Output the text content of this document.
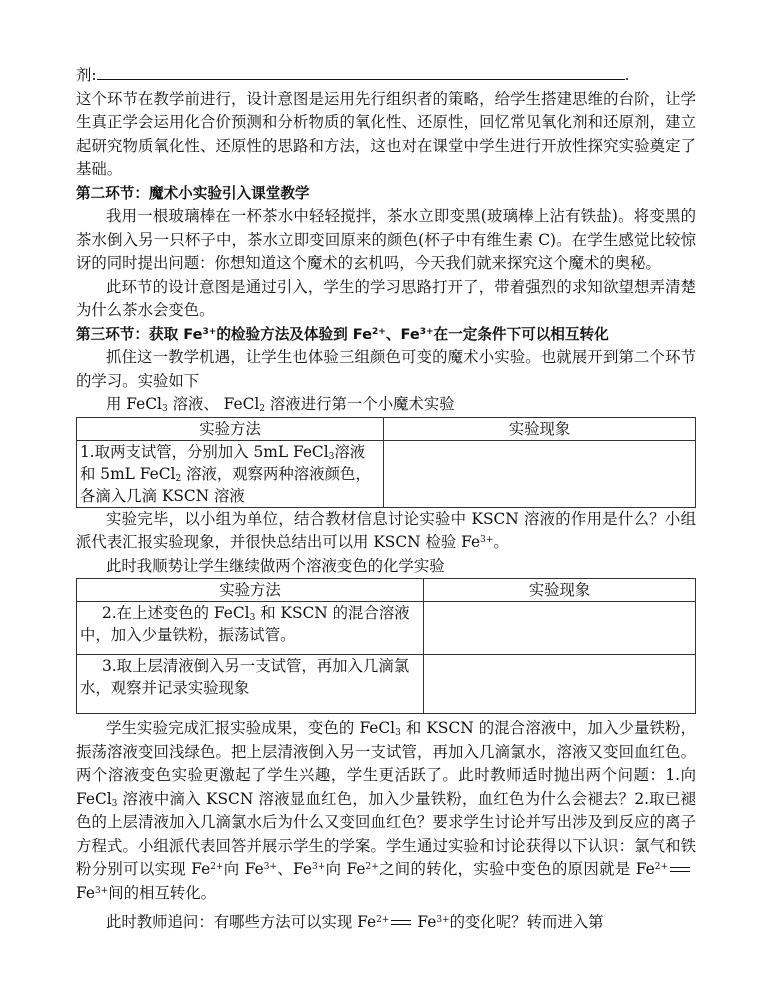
剂:	.

这个环节在教学前进行，设计意图是运用先行组织者的策略，给学生搭建思维的台阶，让学生真正学会运用化合价预测和分析物质的氧化性、还原性，回忆常见氧化剂和还原剂，建立起研究物质氧化性、还原性的思路和方法，这也对在课堂中学生进行开放性探究实验奠定了基础。

第二环节：魔术小实验引入课堂教学

我用一根玻璃棒在一杯茶水中轻轻搅拌，茶水立即变黑(玻璃棒上沾有铁盐)。将变黑的茶水倒入另一只杯子中，茶水立即变回原来的颜色(杯子中有维生素 C)。在学生感觉比较惊讶的同时提出问题：你想知道这个魔术的玄机吗，今天我们就来探究这个魔术的奥秘。

此环节的设计意图是通过引入，学生的学习思路打开了，带着强烈的求知欲望想弄清楚为什么茶水会变色。

第三环节：获取 $Fe^{3+}$的检验方法及体验到 $Fe^{2+}$、$Fe^{3+}$在一定条件下可以相互转化

抓住这一教学机遇，让学生也体验三组颜色可变的魔术小实验。也就展开到第二个环节的学习。实验如下

用 FeCl$_3$ 溶液、 FeCl$_2$ 溶液进行第一个小魔术实验

实验方法	实验现象
1.取两支试管，分别加入 5mL FeCl$_3$溶液和 5mL FeCl$_2$ 溶液，观察两种溶液颜色，各滴入几滴 KSCN 溶液	

实验完毕，以小组为单位，结合教材信息讨论实验中 KSCN 溶液的作用是什么？小组派代表汇报实验现象，并很快总结出可以用 KSCN 检验 $Fe^{3+}$。

此时我顺势让学生继续做两个溶液变色的化学实验

实验方法	实验现象
2.在上述变色的 FeCl$_3$ 和 KSCN 的混合溶液中，加入少量铁粉，振荡试管。

3.取上层清液倒入另一支试管，再加入几滴氯水，观察并记录实验现象

学生实验完成汇报实验成果，变色的 FeCl$_3$ 和 KSCN 的混合溶液中，加入少量铁粉，振荡溶液变回浅绿色。把上层清液倒入另一支试管，再加入几滴氯水，溶液又变回血红色。两个溶液变色实验更激起了学生兴趣，学生更活跃了。此时教师适时抛出两个问题：1.向 FeCl$_3$ 溶液中滴入 KSCN 溶液显血红色，加入少量铁粉，血红色为什么会褪去？2.取已褪色的上层清液加入几滴氯水后为什么又变回血红色？要求学生讨论并写出涉及到反应的离子方程式。小组派代表回答并展示学生的学案。学生通过实验和讨论获得以下认识：氯气和铁粉分别可以实现 $Fe^{2+}$向 $Fe^{3+}$、$Fe^{3+}$向 $Fe^{2+}$之间的转化，实验中变色的原因就是 $Fe^{2+}Fe^{3+}$间的相互转化。

此时教师追问：有哪些方法可以实现 $Fe^{2+}$ $Fe^{3+}$的变化呢？转而进入第
